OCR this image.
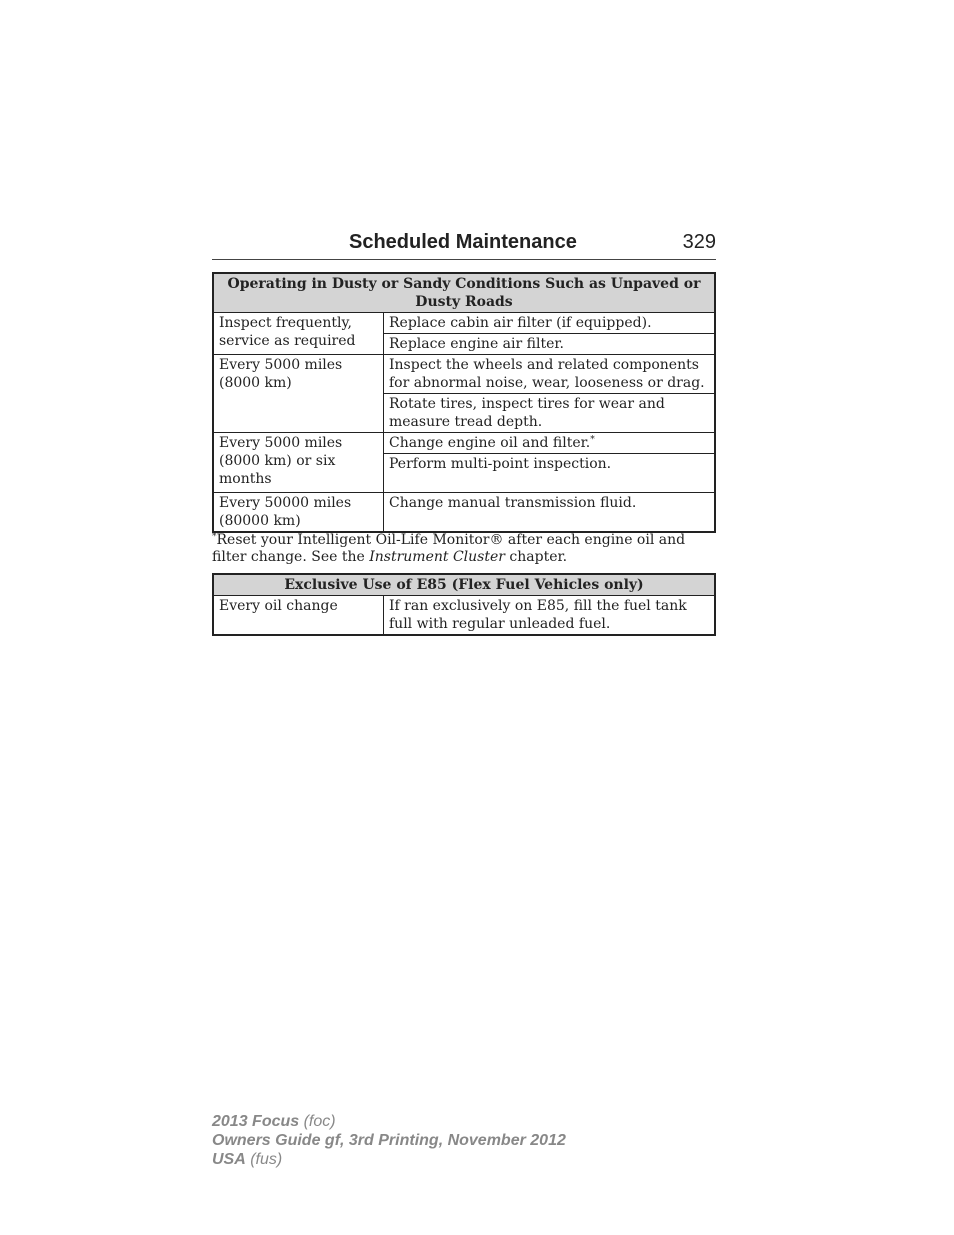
Scheduled Maintenance	329
Operating in Dusty or Sandy Conditions Such as Unpaved or Dusty Roads	
Inspect frequently, service as required	Replace cabin air filter (if equipped).
	Replace engine air filter.
Every 5000 miles (8000 km)	Inspect the wheels and related components for abnormal noise, wear, looseness or drag.
	Rotate tires, inspect tires for wear and measure tread depth.
Every 5000 miles (8000 km) or six months	Change engine oil and filter.*
	Perform multi-point inspection.
Every 50000 miles (80000 km)	Change manual transmission fluid.
*Reset your Intelligent Oil-Life Monitor® after each engine oil and filter change. See the Instrument Cluster chapter.
Exclusive Use of E85 (Flex Fuel Vehicles only)
Every oil change	If ran exclusively on E85, fill the fuel tank full with regular unleaded fuel.
2013 Focus (foc)
Owners Guide gf, 3rd Printing, November 2012
USA (fus)
